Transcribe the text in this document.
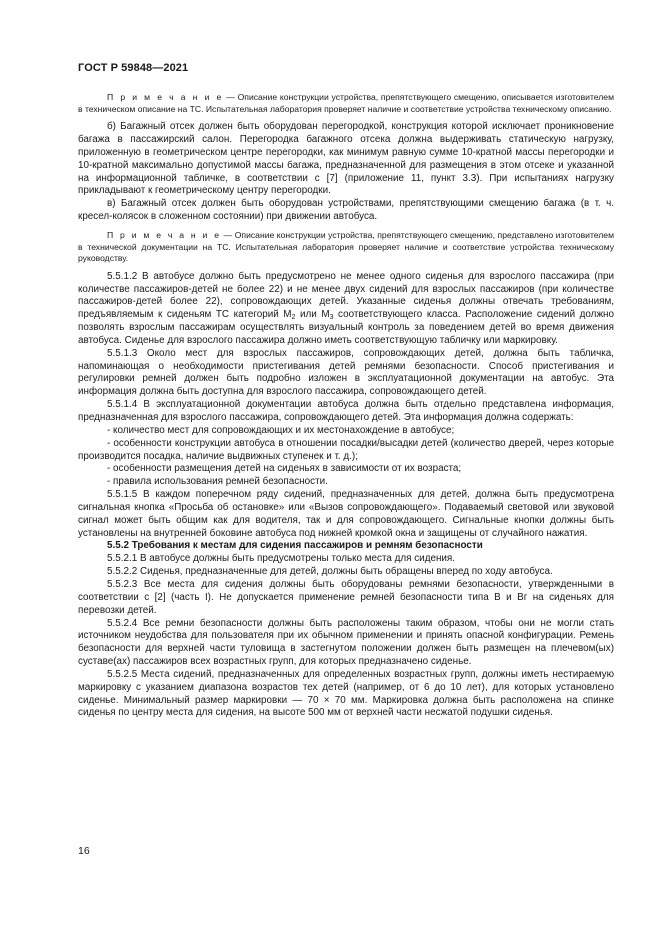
ГОСТ Р 59848—2021

П р и м е ч а н и е — Описание конструкции устройства, препятствующего смещению, описывается изготовителем в техническом описание на ТС. Испытательная лаборатория проверяет наличие и соответствие устройства техническому описанию.

б) Багажный отсек должен быть оборудован перегородкой, конструкция которой исключает проникновение багажа в пассажирский салон. Перегородка багажного отсека должна выдерживать статическую нагрузку, приложенную в геометрическом центре перегородки, как минимум равную сумме 10-кратной массы перегородки и 10-кратной максимально допустимой массы багажа, предназначенной для размещения в этом отсеке и указанной на информационной табличке, в соответствии с [7] (приложение 11, пункт 3.3). При испытаниях нагрузку прикладывают к геометрическому центру перегородки.

в) Багажный отсек должен быть оборудован устройствами, препятствующими смещению багажа (в т. ч. кресел-колясок в сложенном состоянии) при движении автобуса.

П р и м е ч а н и е — Описание конструкции устройства, препятствующего смещению, представлено изготовителем в технической документации на ТС. Испытательная лаборатория проверяет наличие и соответствие устройства техническому руководству.

5.5.1.2 В автобусе должно быть предусмотрено не менее одного сиденья для взрослого пассажира (при количестве пассажиров-детей не более 22) и не менее двух сидений для взрослых пассажиров (при количестве пассажиров-детей более 22), сопровождающих детей. Указанные сиденья должны отвечать требованиям, предъявляемым к сиденьям ТС категорий $М_2$ или $М_3$ соответствующего класса. Расположение сидений должно позволять взрослым пассажирам осуществлять визуальный контроль за поведением детей во время движения автобуса. Сиденье для взрослого пассажира должно иметь соответствующую табличку или маркировку.

5.5.1.3 Около мест для взрослых пассажиров, сопровождающих детей, должна быть табличка, напоминающая о необходимости пристегивания детей ремнями безопасности. Способ пристегивания и регулировки ремней должен быть подробно изложен в эксплуатационной документации на автобус. Эта информация должна быть доступна для взрослого пассажира, сопровождающего детей.

5.5.1.4 В эксплуатационной документации автобуса должна быть отдельно представлена информация, предназначенная для взрослого пассажира, сопровождающего детей. Эта информация должна содержать:

- количество мест для сопровождающих и их местонахождение в автобусе;

- особенности конструкции автобуса в отношении посадки/высадки детей (количество дверей, через которые производится посадка, наличие выдвижных ступенек и т. д.);

- особенности размещения детей на сиденьях в зависимости от их возраста;

- правила использования ремней безопасности.

5.5.1.5 В каждом поперечном ряду сидений, предназначенных для детей, должна быть предусмотрена сигнальная кнопка «Просьба об остановке» или «Вызов сопровождающего». Подаваемый световой или звуковой сигнал может быть общим как для водителя, так и для сопровождающего. Сигнальные кнопки должны быть установлены на внутренней боковине автобуса под нижней кромкой окна и защищены от случайного нажатия.

5.5.2 Требования к местам для сидения пассажиров и ремням безопасности

5.5.2.1 В автобусе должны быть предусмотрены только места для сидения.

5.5.2.2 Сиденья, предназначенные для детей, должны быть обращены вперед по ходу автобуса.

5.5.2.3 Все места для сидения должны быть оборудованы ремнями безопасности, утвержденными в соответствии с [2] (часть I). Не допускается применение ремней безопасности типа В и Вг на сиденьях для перевозки детей.

5.5.2.4 Все ремни безопасности должны быть расположены таким образом, чтобы они не могли стать источником неудобства для пользователя при их обычном применении и принять опасной конфигурации. Ремень безопасности для верхней части туловища в застегнутом положении должен быть размещен на плечевом(ых) суставе(ах) пассажиров всех возрастных групп, для которых предназначено сиденье.

5.5.2.5 Места сидений, предназначенных для определенных возрастных групп, должны иметь нестираемую маркировку с указанием диапазона возрастов тех детей (например, от 6 до 10 лет), для которых установлено сиденье. Минимальный размер маркировки — 70 × 70 мм. Маркировка должна быть расположена на спинке сиденья по центру места для сидения, на высоте 500 мм от верхней части несжатой подушки сиденья.

16
